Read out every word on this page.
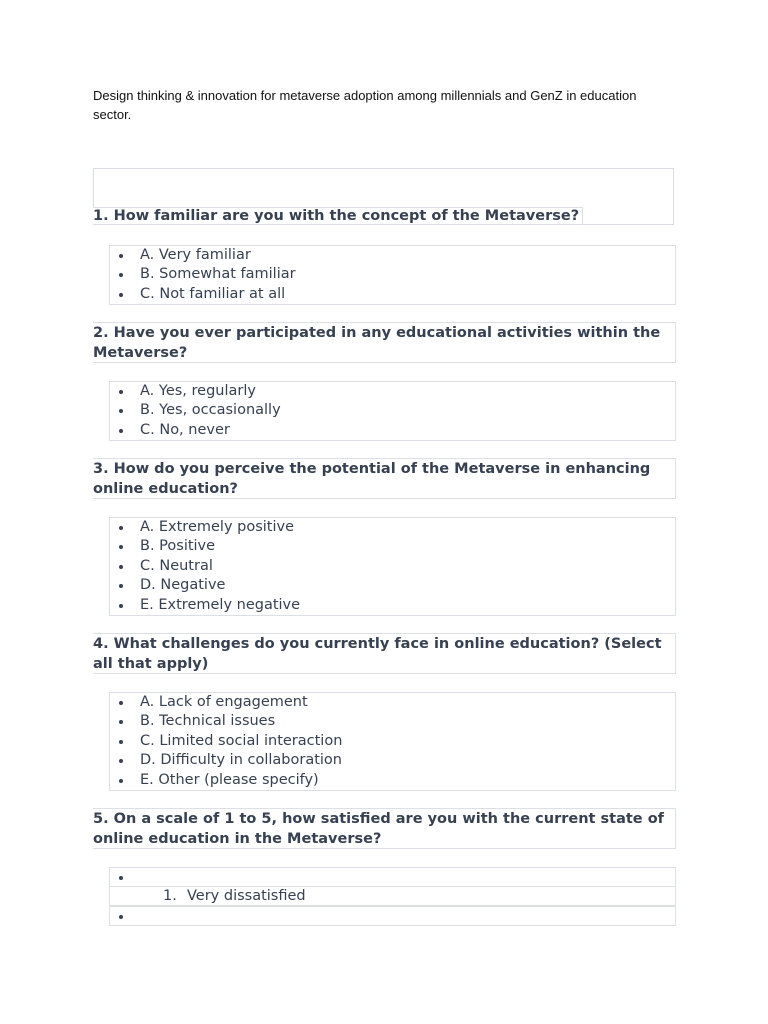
Design thinking & innovation for metaverse adoption among millennials and GenZ in education sector.
1. How familiar are you with the concept of the Metaverse?
A. Very familiar
B. Somewhat familiar
C. Not familiar at all
2. Have you ever participated in any educational activities within the Metaverse?
A. Yes, regularly
B. Yes, occasionally
C. No, never
3. How do you perceive the potential of the Metaverse in enhancing online education?
A. Extremely positive
B. Positive
C. Neutral
D. Negative
E. Extremely negative
4. What challenges do you currently face in online education? (Select all that apply)
A. Lack of engagement
B. Technical issues
C. Limited social interaction
D. Difficulty in collaboration
E. Other (please specify)
5. On a scale of 1 to 5, how satisfied are you with the current state of online education in the Metaverse?
1. Very dissatisfied
